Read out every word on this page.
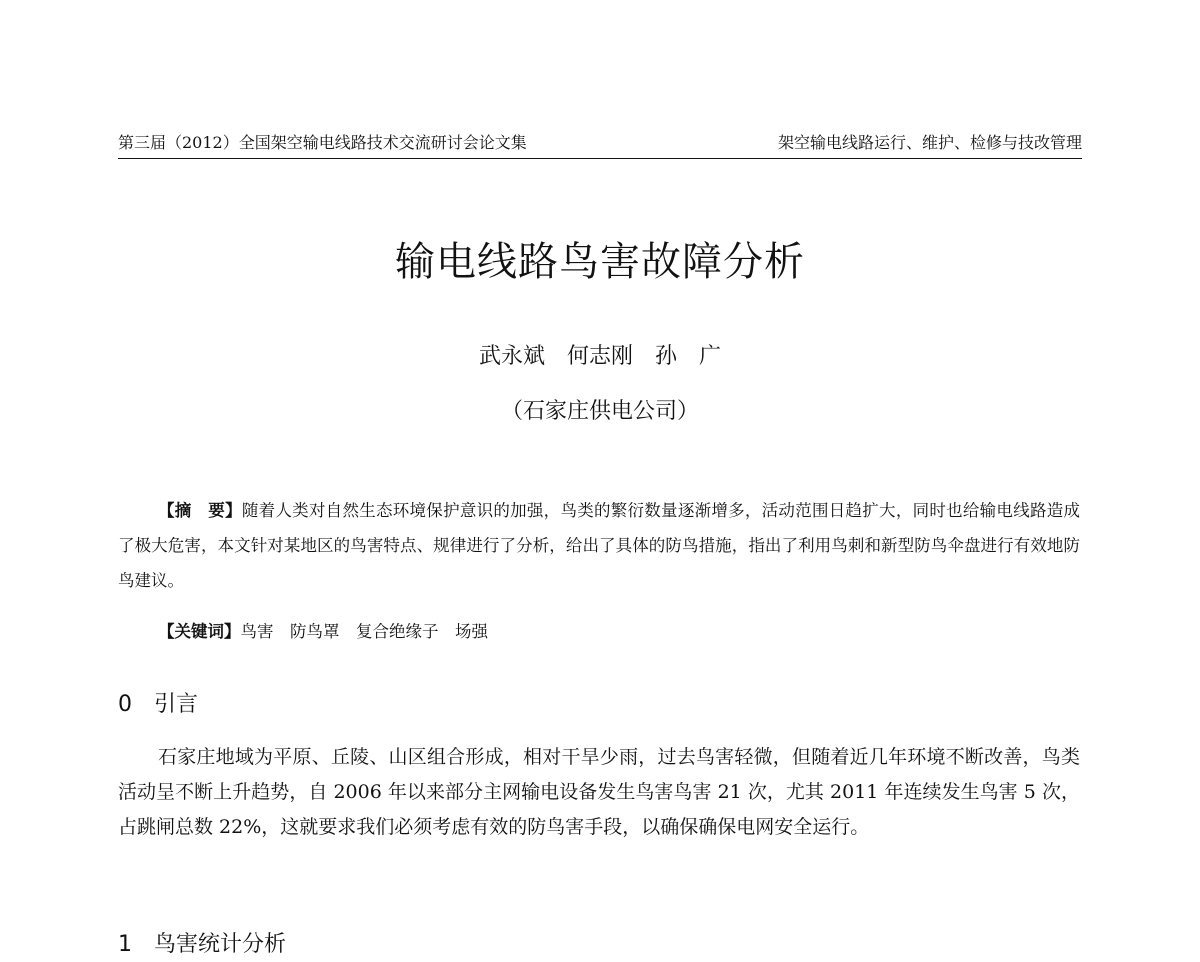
第三届（2012）全国架空输电线路技术交流研讨会论文集	架空输电线路运行、维护、检修与技改管理
输电线路鸟害故障分析
武永斌　何志刚　孙　广
（石家庄供电公司）

【摘　要】随着人类对自然生态环境保护意识的加强，鸟类的繁衍数量逐渐增多，活动范围日趋扩大，同时也给输电线路造成了极大危害，本文针对某地区的鸟害特点、规律进行了分析，给出了具体的防鸟措施，指出了利用鸟刺和新型防鸟伞盘进行有效地防鸟建议。

【关键词】鸟害　防鸟罩　复合绝缘子　场强
0 引言

石家庄地域为平原、丘陵、山区组合形成，相对干旱少雨，过去鸟害轻微，但随着近几年环境不断改善，鸟类活动呈不断上升趋势，自 2006 年以来部分主网输电设备发生鸟害鸟害 21 次，尤其 2011 年连续发生鸟害 5 次，占跳闸总数 22%，这就要求我们必须考虑有效的防鸟害手段，以确保确保电网安全运行。

1 鸟害统计分析
